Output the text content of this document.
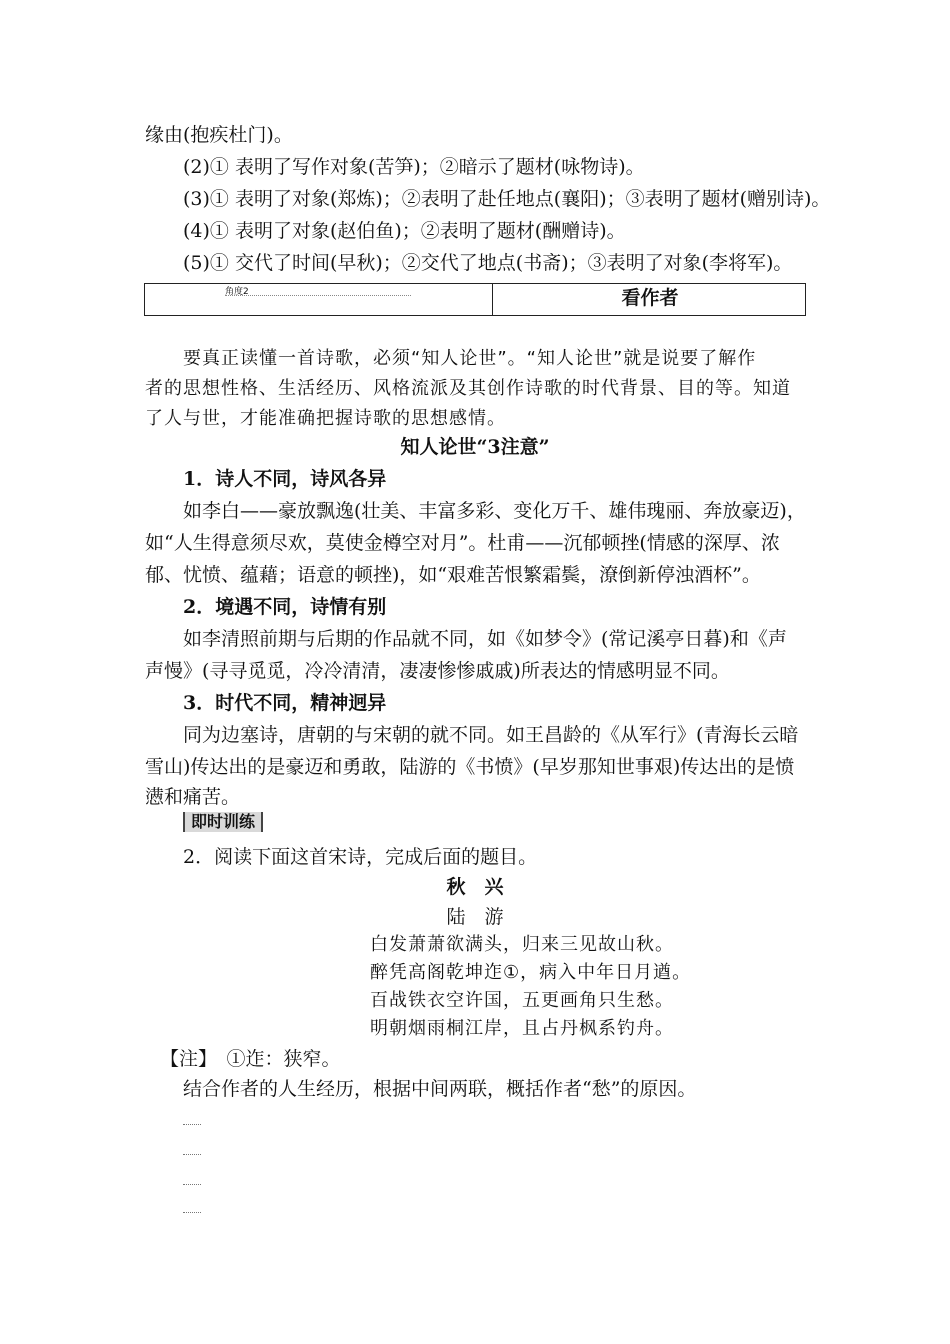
缘由(抱疾杜门)。
(2)① 表明了写作对象(苦笋)；②暗示了题材(咏物诗)。
(3)① 表明了对象(郑炼)；②表明了赴任地点(襄阳)；③表明了题材(赠别诗)。
(4)① 表明了对象(赵伯鱼)；②表明了题材(酬赠诗)。
(5)① 交代了时间(早秋)；②交代了地点(书斋)；③表明了对象(李将军)。
角度2	看作者
要真正读懂一首诗歌，必须“知人论世”。“知人论世”就是说要了解作
者的思想性格、生活经历、风格流派及其创作诗歌的时代背景、目的等。知道
了人与世，才能准确把握诗歌的思想感情。
知人论世“3注意”
1．诗人不同，诗风各异
如李白——豪放飘逸(壮美、丰富多彩、变化万千、雄伟瑰丽、奔放豪迈)，
如“人生得意须尽欢，莫使金樽空对月”。杜甫——沉郁顿挫(情感的深厚、浓
郁、忧愤、蕴藉；语意的顿挫)，如“艰难苦恨繁霜鬓，潦倒新停浊酒杯”。
2．境遇不同，诗情有别
如李清照前期与后期的作品就不同，如《如梦令》(常记溪亭日暮)和《声
声慢》(寻寻觅觅，冷冷清清，凄凄惨惨戚戚)所表达的情感明显不同。
3．时代不同，精神迥异
同为边塞诗，唐朝的与宋朝的就不同。如王昌龄的《从军行》(青海长云暗
雪山)传达出的是豪迈和勇敢，陆游的《书愤》(早岁那知世事艰)传达出的是愤
懑和痛苦。
即时训练
2．阅读下面这首宋诗，完成后面的题目。
秋　兴
陆　游
白发萧萧欲满头，归来三见故山秋。
醉凭高阁乾坤迮①，病入中年日月遒。
百战铁衣空许国，五更画角只生愁。
明朝烟雨桐江岸，且占丹枫系钓舟。
【注】　①迮：狭窄。
结合作者的人生经历，根据中间两联，概括作者“愁”的原因。
